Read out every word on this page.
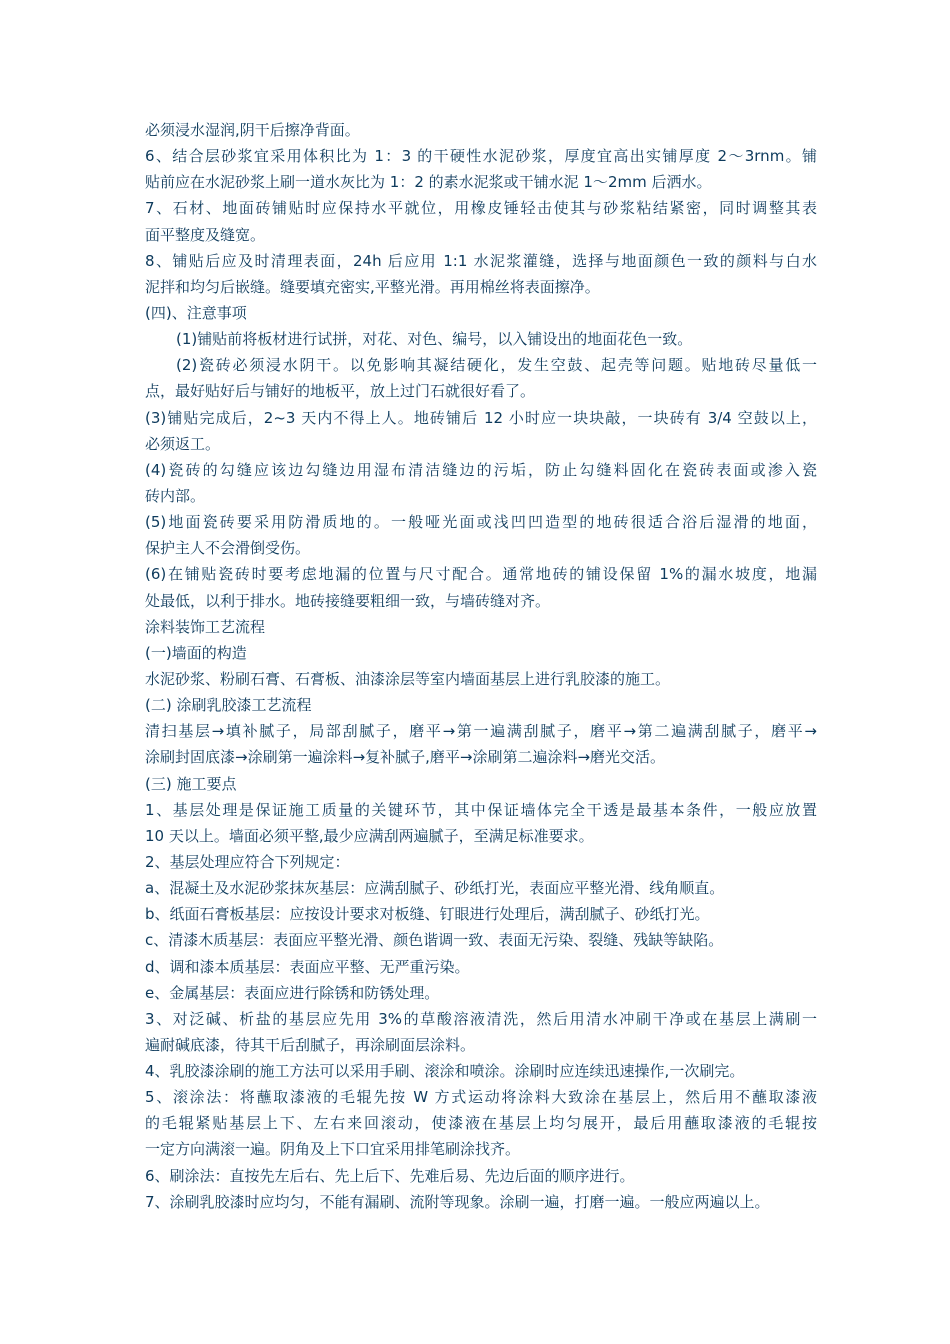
必须浸水湿润,阴干后擦净背面。
6、结合层砂浆宜采用体积比为 1：3 的干硬性水泥砂浆，厚度宜高出实铺厚度 2～3rnm。铺
贴前应在水泥砂浆上刷一道水灰比为 1：2 的素水泥浆或干铺水泥 1～2mm 后洒水。
7、石材、地面砖铺贴时应保持水平就位，用橡皮锤轻击使其与砂浆粘结紧密，同时调整其表
面平整度及缝宽。
8、铺贴后应及时清理表面，24h 后应用 1:1 水泥浆灌缝，选择与地面颜色一致的颜料与白水
泥拌和均匀后嵌缝。缝要填充密实,平整光滑。再用棉丝将表面擦净。
(四)、注意事项
(1)铺贴前将板材进行试拼，对花、对色、编号，以入铺设出的地面花色一致。
(2)瓷砖必须浸水阴干。以免影响其凝结硬化，发生空鼓、起壳等问题。贴地砖尽量低一
点，最好贴好后与铺好的地板平，放上过门石就很好看了。
(3)铺贴完成后，2~3 天内不得上人。地砖铺后 12 小时应一块块敲，一块砖有 3/4 空鼓以上，
必须返工。
(4)瓷砖的勾缝应该边勾缝边用湿布清洁缝边的污垢，防止勾缝料固化在瓷砖表面或渗入瓷
砖内部。
(5)地面瓷砖要采用防滑质地的。一般哑光面或浅凹凹造型的地砖很适合浴后湿滑的地面，
保护主人不会滑倒受伤。
(6)在铺贴瓷砖时要考虑地漏的位置与尺寸配合。通常地砖的铺设保留 1%的漏水坡度，地漏
处最低，以利于排水。地砖接缝要粗细一致，与墙砖缝对齐。
涂料装饰工艺流程
(一)墙面的构造
水泥砂浆、粉刷石膏、石膏板、油漆涂层等室内墙面基层上进行乳胶漆的施工。
(二) 涂刷乳胶漆工艺流程
清扫基层→填补腻子，局部刮腻子，磨平→第一遍满刮腻子，磨平→第二遍满刮腻子，磨平→
涂刷封固底漆→涂刷第一遍涂料→复补腻子,磨平→涂刷第二遍涂料→磨光交活。
(三) 施工要点
1、基层处理是保证施工质量的关键环节，其中保证墙体完全干透是最基本条件，一般应放置
10 天以上。墙面必须平整,最少应满刮两遍腻子，至满足标准要求。
2、基层处理应符合下列规定：
a、混凝土及水泥砂浆抹灰基层：应满刮腻子、砂纸打光，表面应平整光滑、线角顺直。
b、纸面石膏板基层：应按设计要求对板缝、钉眼进行处理后，满刮腻子、砂纸打光。
c、清漆木质基层：表面应平整光滑、颜色谐调一致、表面无污染、裂缝、残缺等缺陷。
d、调和漆本质基层：表面应平整、无严重污染。
e、金属基层：表面应进行除锈和防锈处理。
3、对泛碱、析盐的基层应先用 3%的草酸溶液清洗，然后用清水冲刷干净或在基层上满刷一
遍耐碱底漆，待其干后刮腻子，再涂刷面层涂料。
4、乳胶漆涂刷的施工方法可以采用手刷、滚涂和喷涂。涂刷时应连续迅速操作,一次刷完。
5、滚涂法：将蘸取漆液的毛辊先按 W 方式运动将涂料大致涂在基层上，然后用不蘸取漆液
的毛辊紧贴基层上下、左右来回滚动，使漆液在基层上均匀展开，最后用蘸取漆液的毛辊按
一定方向满滚一遍。阴角及上下口宜采用排笔刷涂找齐。
6、刷涂法：直按先左后右、先上后下、先难后易、先边后面的顺序进行。
7、涂刷乳胶漆时应均匀，不能有漏刷、流附等现象。涂刷一遍，打磨一遍。一般应两遍以上。
